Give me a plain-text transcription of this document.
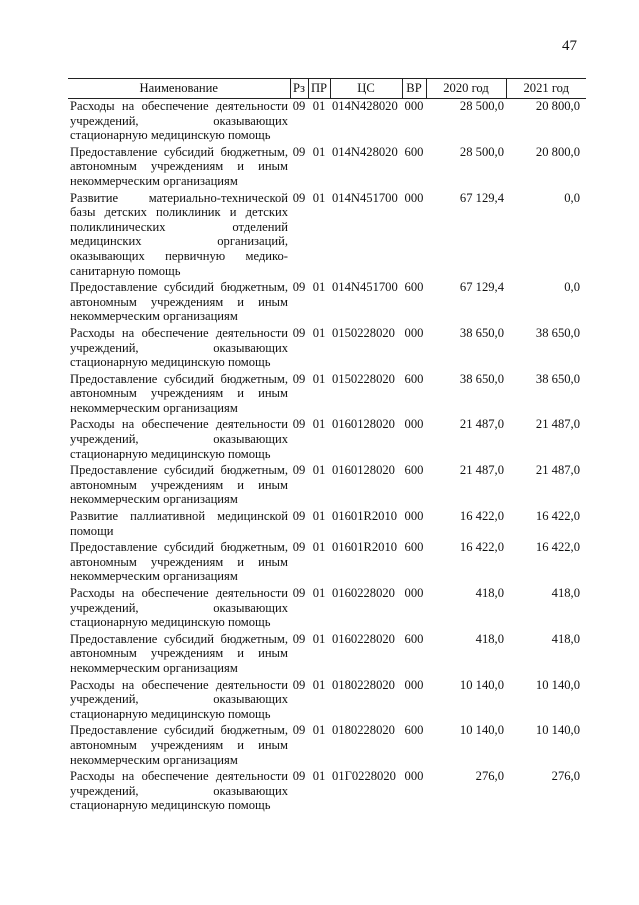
47
Наименование	Рз	ПР	ЦС	ВР	2020 год	2021 год
Расходы на обеспечение деятельности учреждений, оказывающих стационарную медицинскую помощь	09	01	014N428020	000	28 500,0	20 800,0
Предоставление субсидий бюджетным, автономным учреждениям и иным некоммерческим организациям	09	01	014N428020	600	28 500,0	20 800,0
Развитие материально-технической базы детских поликлиник и детских поликлинических отделений медицинских организаций, оказывающих первичную медико-санитарную помощь	09	01	014N451700	000	67 129,4	0,0
Предоставление субсидий бюджетным, автономным учреждениям и иным некоммерческим организациям	09	01	014N451700	600	67 129,4	0,0
Расходы на обеспечение деятельности учреждений, оказывающих стационарную медицинскую помощь	09	01	0150228020	000	38 650,0	38 650,0
Предоставление субсидий бюджетным, автономным учреждениям и иным некоммерческим организациям	09	01	0150228020	600	38 650,0	38 650,0
Расходы на обеспечение деятельности учреждений, оказывающих стационарную медицинскую помощь	09	01	0160128020	000	21 487,0	21 487,0
Предоставление субсидий бюджетным, автономным учреждениям и иным некоммерческим организациям	09	01	0160128020	600	21 487,0	21 487,0
Развитие паллиативной медицинской помощи	09	01	01601R2010	000	16 422,0	16 422,0
Предоставление субсидий бюджетным, автономным учреждениям и иным некоммерческим организациям	09	01	01601R2010	600	16 422,0	16 422,0
Расходы на обеспечение деятельности учреждений, оказывающих стационарную медицинскую помощь	09	01	0160228020	000	418,0	418,0
Предоставление субсидий бюджетным, автономным учреждениям и иным некоммерческим организациям	09	01	0160228020	600	418,0	418,0
Расходы на обеспечение деятельности учреждений, оказывающих стационарную медицинскую помощь	09	01	0180228020	000	10 140,0	10 140,0
Предоставление субсидий бюджетным, автономным учреждениям и иным некоммерческим организациям	09	01	0180228020	600	10 140,0	10 140,0
Расходы на обеспечение деятельности учреждений, оказывающих стационарную медицинскую помощь	09	01	01Г0228020	000	276,0	276,0
